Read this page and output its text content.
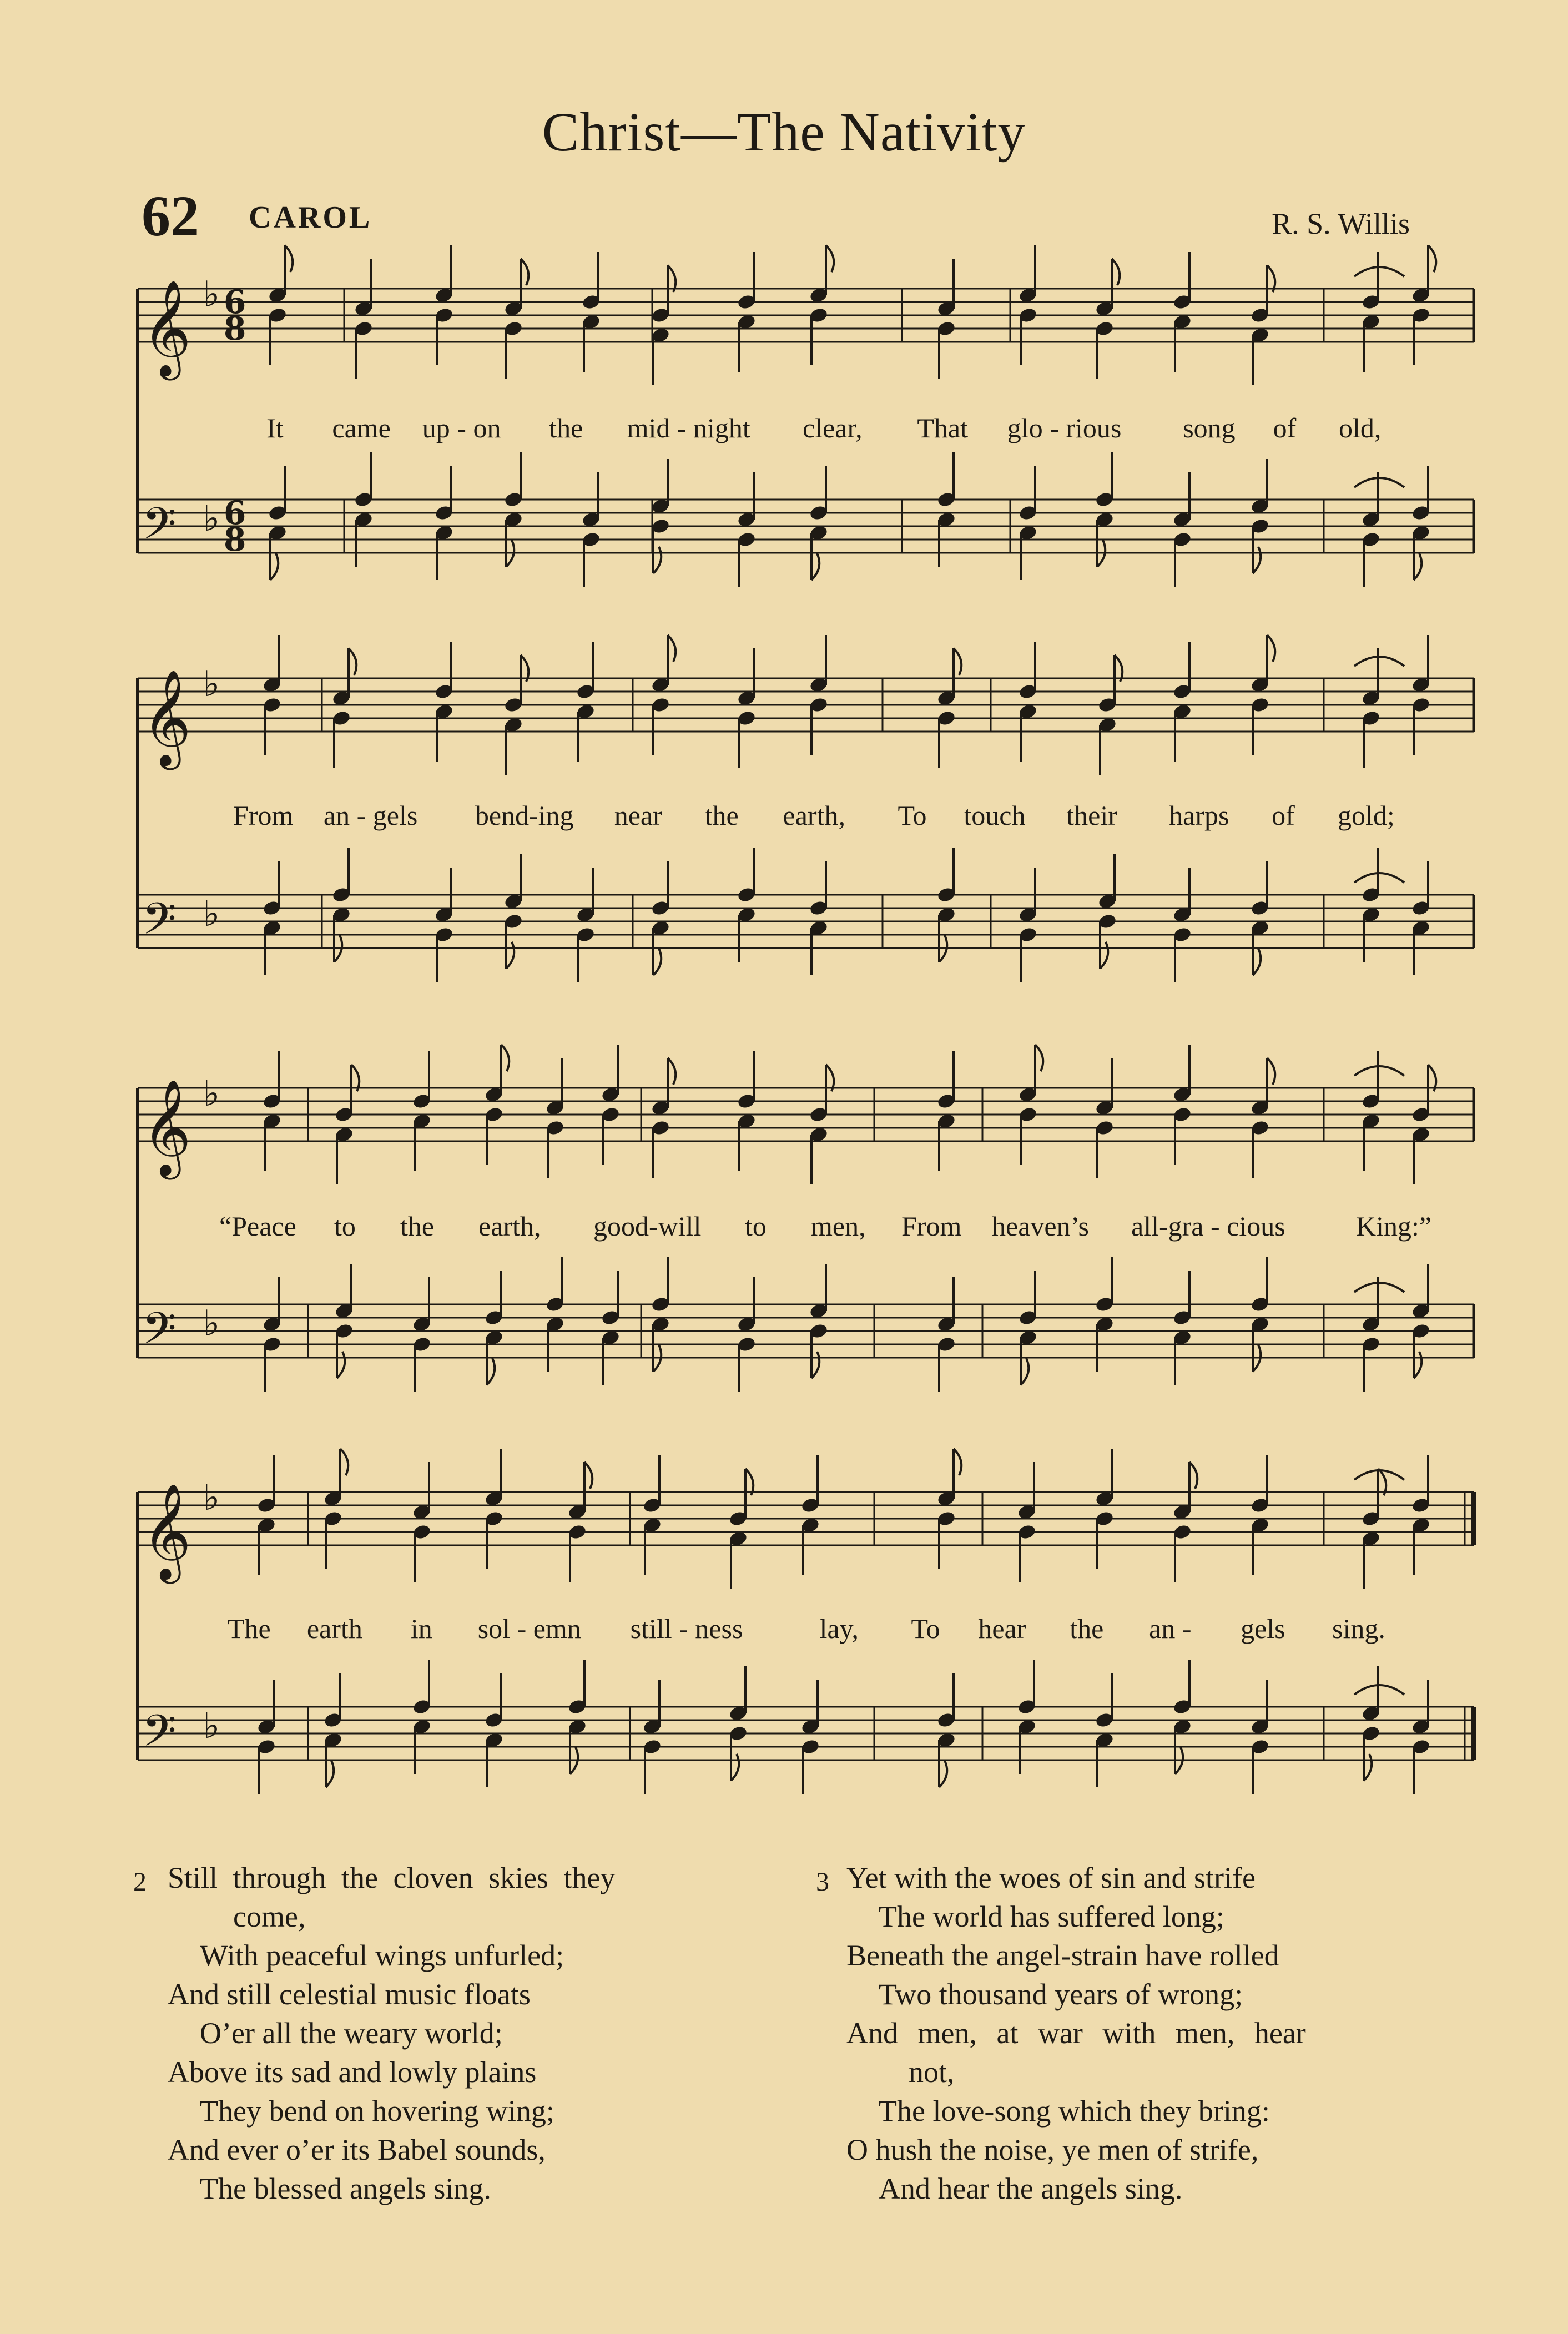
Christ—The Nativity
62 CAROL	R. S. Willis
𝄞 ♭ 6
8
𝄢 ♭ 6
8
𝄞 ♭
𝄢 ♭
𝄞 ♭
𝄢 ♭
𝄞 ♭
𝄢 ♭
It came up - on the mid - night clear, That glo - rious song of old,
From an - gels bend-ing near the earth, To touch their harps of gold;
“Peace to the earth, good-will to men, From heaven’s all-gra - cious	King:”
The earth in sol - emn still - ness	lay, To hear the an - gels sing.
2 Still through the cloven skies they
come,
With peaceful wings unfurled;
And still celestial music floats
O’er all the weary world;
Above its sad and lowly plains
They bend on hovering wing;
And ever o’er its Babel sounds,
The blessed angels sing.
3 Yet with the woes of sin and strife
The world has suffered long;
Beneath the angel-strain have rolled
Two thousand years of wrong;
And men, at war with men, hear
not,
The love-song which they bring:
O hush the noise, ye men of strife,
And hear the angels sing.
